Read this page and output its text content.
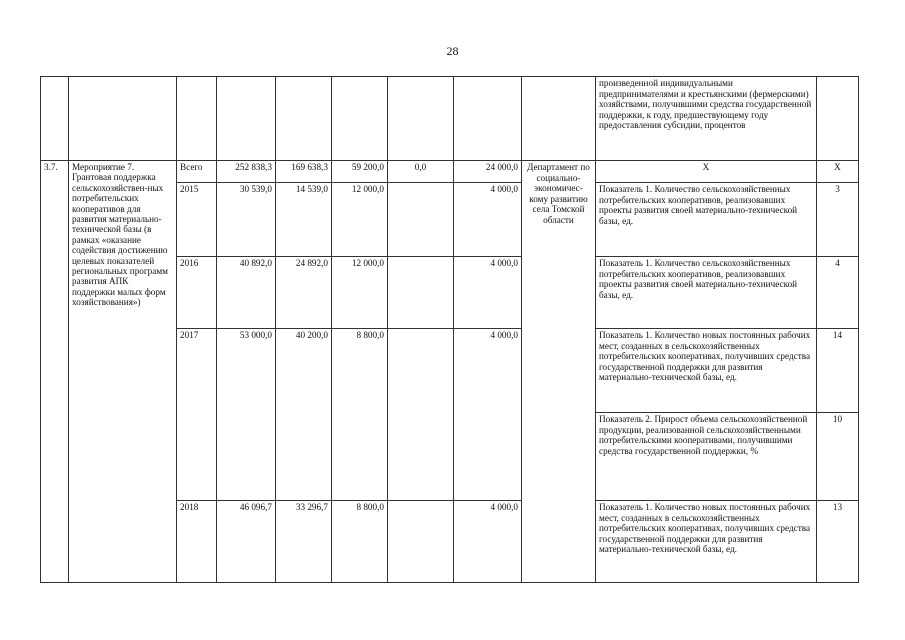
28
									произведенной индивидуальными предпринимателями и крестьянскими (фермерскими) хозяйствами, получившими средства государственной поддержки, к году, предшествующему году предоставления субсидии, процентов	
3.7.	Мероприятие 7. Грантовая поддержка сельскохозяйствен-ных потребительских кооперативов для развития материально-технической базы (в рамках «оказание содействия достижению целевых показателей региональных программ развития АПК поддержки малых форм хозяйствования»)	Всего	252 838,3	169 638,3	59 200,0	0,0	24 000,0	Департамент по социально-экономичес-кому развитию села Томской области	Х	Х
		2015	30 539,0	14 539,0	12 000,0		4 000,0		Показатель 1. Количество сельскохозяйственных потребительских кооперативов, реализовавших проекты развития своей материально-технической базы, ед.	3
		2016	40 892,0	24 892,0	12 000,0		4 000,0		Показатель 1. Количество сельскохозяйственных потребительских кооперативов, реализовавших проекты развития своей материально-технической базы, ед.	4
		2017	53 000,0	40 200,0	8 800,0		4 000,0		Показатель 1. Количество новых постоянных рабочих мест, созданных в сельскохозяйственных потребительских кооперативах, получивших средства государственной поддержки для развития материально-технической базы, ед.	14
									Показатель 2. Прирост объема сельскохозяйственной продукции, реализованной сельскохозяйственными потребительскими кооперативами, получившими средства государственной поддержки, %	10
		2018	46 096,7	33 296,7	8 800,0		4 000,0		Показатель 1. Количество новых постоянных рабочих мест, созданных в сельскохозяйственных потребительских кооперативах, получивших средства государственной поддержки для развития материально-технической базы, ед.	13
